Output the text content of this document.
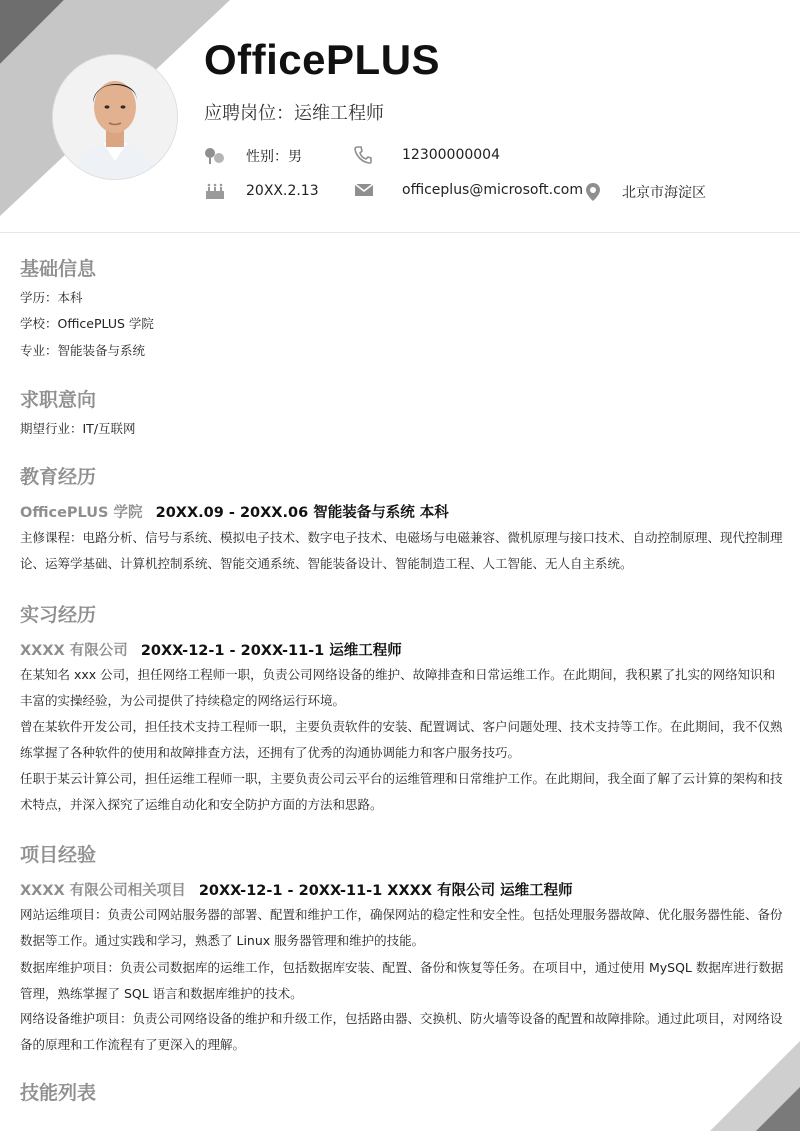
OfficePLUS
应聘岗位：运维工程师
性别：男	12300000004
20XX.2.13	officeplus@microsoft.com	北京市海淀区
基础信息
学历：本科
学校：OfficePLUS 学院
专业：智能装备与系统
求职意向
期望行业：IT/互联网
教育经历
OfficePLUS 学院 20XX.09 - 20XX.06 智能装备与系统 本科
主修课程：电路分析、信号与系统、模拟电子技术、数字电子技术、电磁场与电磁兼容、微机原理与接口技术、自动控制原理、现代控制理论、运筹学基础、计算机控制系统、智能交通系统、智能装备设计、智能制造工程、人工智能、无人自主系统。
实习经历
XXXX 有限公司 20XX-12-1 - 20XX-11-1 运维工程师
在某知名 xxx 公司，担任网络工程师一职，负责公司网络设备的维护、故障排查和日常运维工作。在此期间，我积累了扎实的网络知识和丰富的实操经验，为公司提供了持续稳定的网络运行环境。
曾在某软件开发公司，担任技术支持工程师一职，主要负责软件的安装、配置调试、客户问题处理、技术支持等工作。在此期间，我不仅熟练掌握了各种软件的使用和故障排查方法，还拥有了优秀的沟通协调能力和客户服务技巧。
任职于某云计算公司，担任运维工程师一职，主要负责公司云平台的运维管理和日常维护工作。在此期间，我全面了解了云计算的架构和技术特点，并深入探究了运维自动化和安全防护方面的方法和思路。
项目经验
XXXX 有限公司相关项目 20XX-12-1 - 20XX-11-1 XXXX 有限公司 运维工程师
网站运维项目：负责公司网站服务器的部署、配置和维护工作，确保网站的稳定性和安全性。包括处理服务器故障、优化服务器性能、备份数据等工作。通过实践和学习，熟悉了 Linux 服务器管理和维护的技能。
数据库维护项目：负责公司数据库的运维工作，包括数据库安装、配置、备份和恢复等任务。在项目中，通过使用 MySQL 数据库进行数据管理，熟练掌握了 SQL 语言和数据库维护的技术。
网络设备维护项目：负责公司网络设备的维护和升级工作，包括路由器、交换机、防火墙等设备的配置和故障排除。通过此项目，对网络设备的原理和工作流程有了更深入的理解。
技能列表
